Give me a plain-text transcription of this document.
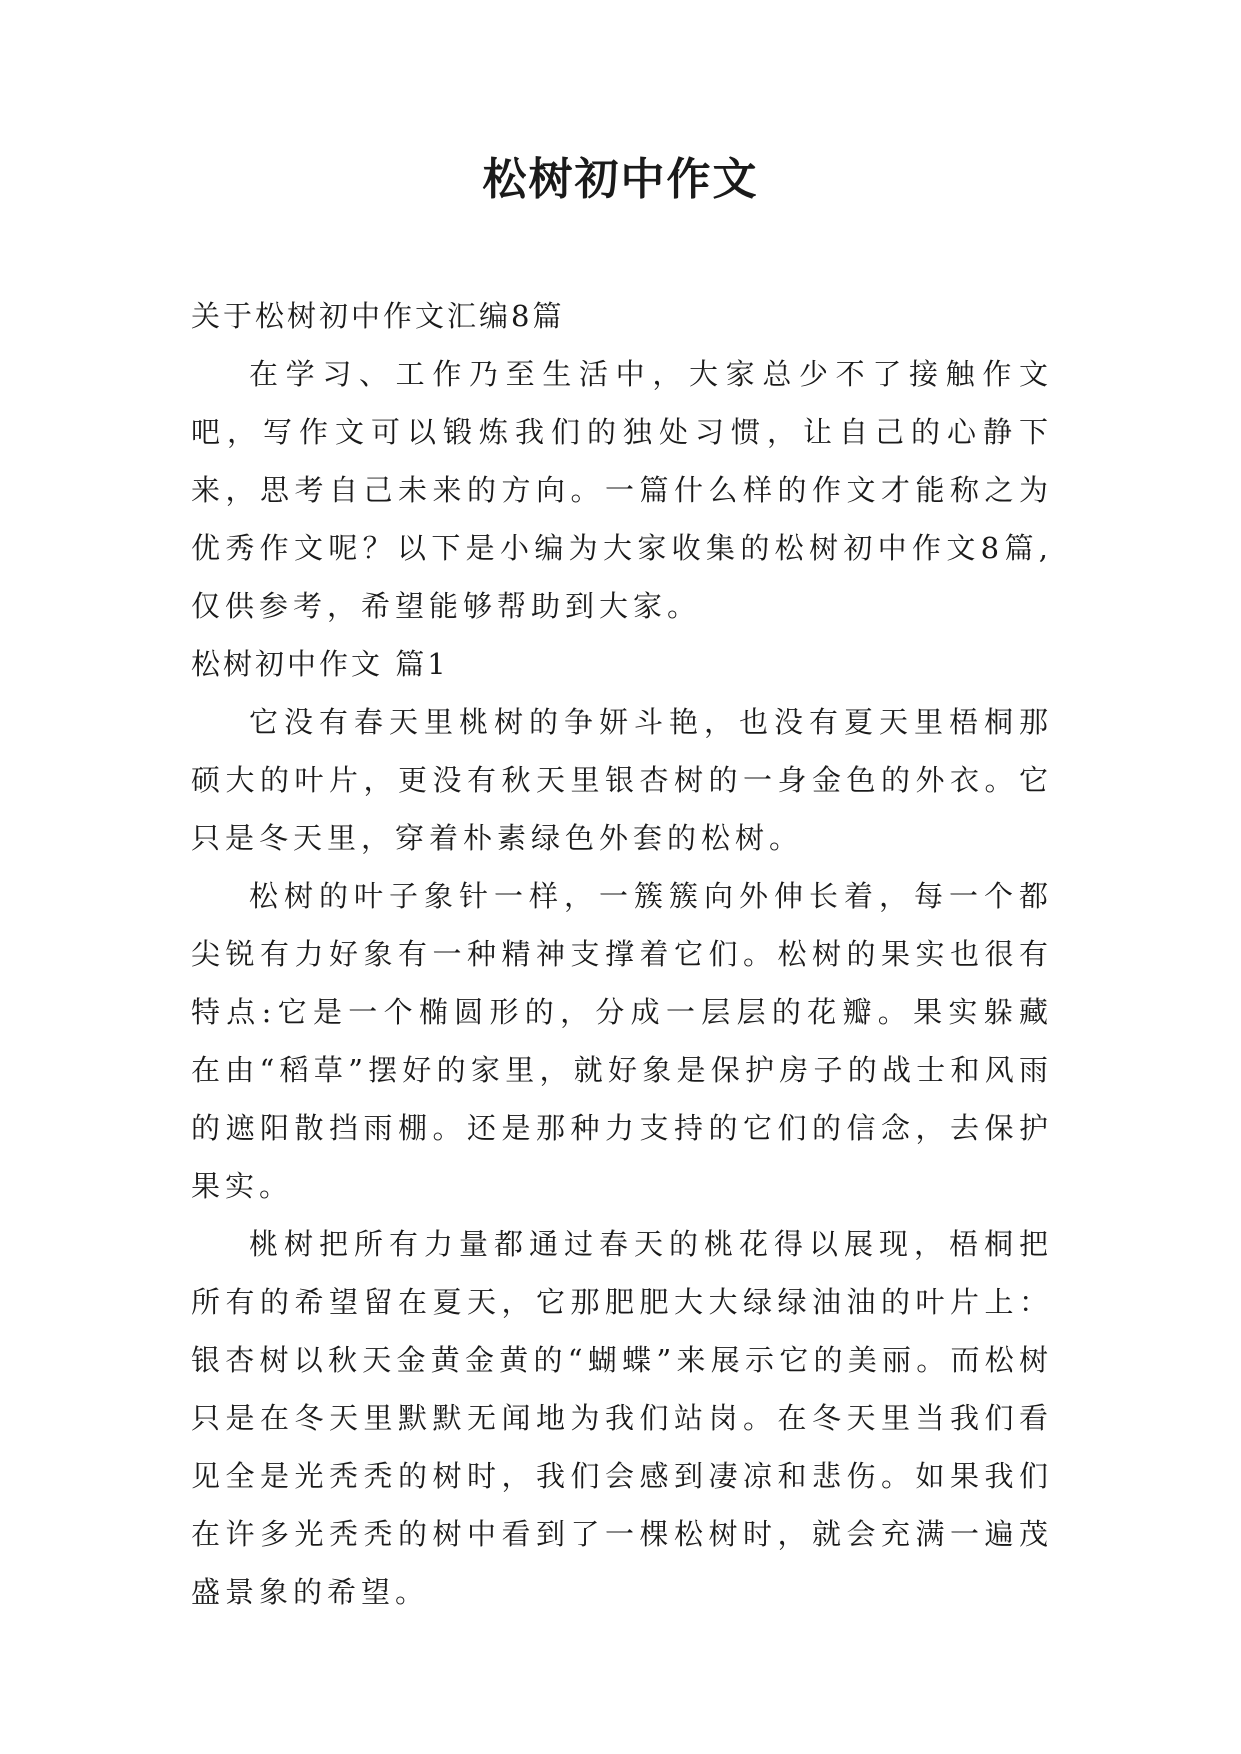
松树初中作文

关于松树初中作文汇编8篇

在学习、工作乃至生活中，大家总少不了接触作文吧，写作文可以锻炼我们的独处习惯，让自己的心静下来，思考自己未来的方向。一篇什么样的作文才能称之为优秀作文呢？以下是小编为大家收集的松树初中作文8篇,仅供参考，希望能够帮助到大家。

松树初中作文 篇1

它没有春天里桃树的争妍斗艳，也没有夏天里梧桐那硕大的叶片，更没有秋天里银杏树的一身金色的外衣。它只是冬天里，穿着朴素绿色外套的松树。

松树的叶子象针一样，一簇簇向外伸长着，每一个都尖锐有力好象有一种精神支撑着它们。松树的果实也很有特点:它是一个椭圆形的，分成一层层的花瓣。果实躲藏在由“稻草”摆好的家里，就好象是保护房子的战士和风雨的遮阳散挡雨棚。还是那种力支持的它们的信念，去保护果实。

桃树把所有力量都通过春天的桃花得以展现，梧桐把所有的希望留在夏天，它那肥肥大大绿绿油油的叶片上：银杏树以秋天金黄金黄的“蝴蝶”来展示它的美丽。而松树只是在冬天里默默无闻地为我们站岗。在冬天里当我们看见全是光秃秃的树时，我们会感到凄凉和悲伤。如果我们在许多光秃秃的树中看到了一棵松树时，就会充满一遍茂盛景象的希望。
